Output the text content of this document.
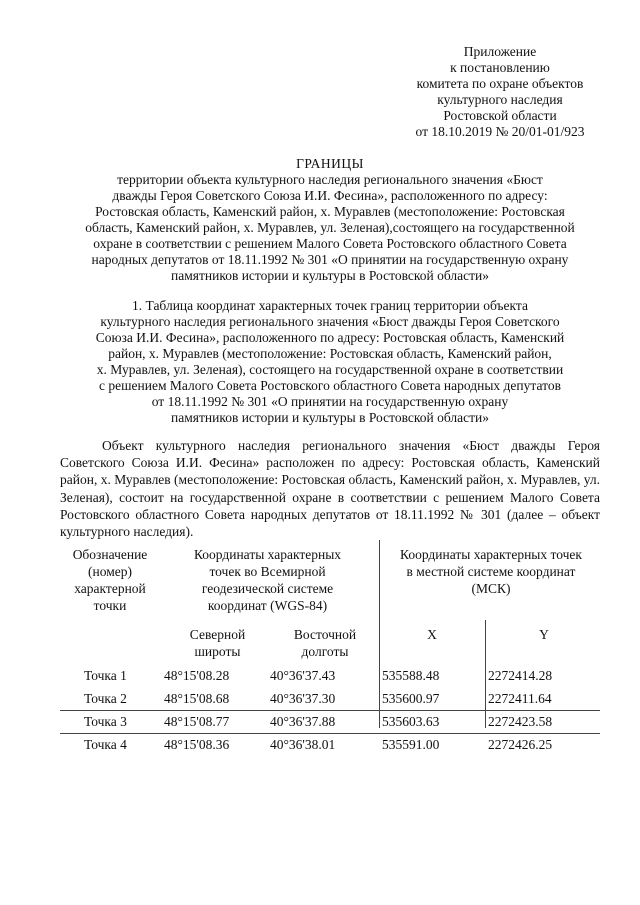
Приложение
к постановлению
комитета по охране объектов
культурного наследия
Ростовской области
от 18.10.2019 № 20/01-01/923
ГРАНИЦЫ
территории объекта культурного наследия регионального значения «Бюст
дважды Героя Советского Союза И.И. Фесина», расположенного по адресу:
Ростовская область, Каменский район, х. Муравлев (местоположение: Ростовская
область, Каменский район, х. Муравлев, ул. Зеленая),состоящего на государственной
охране в соответствии с решением Малого Совета Ростовского областного Совета
народных депутатов от 18.11.1992 № 301 «О принятии на государственную охрану
памятников истории и культуры в Ростовской области»
1. Таблица координат характерных точек границ территории объекта
культурного наследия регионального значения «Бюст дважды Героя Советского
Союза И.И. Фесина», расположенного по адресу: Ростовская область, Каменский
район, х. Муравлев (местоположение: Ростовская область, Каменский район,
х. Муравлев, ул. Зеленая), состоящего на государственной охране в соответствии
с решением Малого Совета Ростовского областного Совета народных депутатов
от 18.11.1992 № 301 «О принятии на государственную охрану
памятников истории и культуры в Ростовской области»
Объект культурного наследия регионального значения «Бюст дважды Героя Советского Союза И.И. Фесина» расположен по адресу: Ростовская область, Каменский район, х. Муравлев (местоположение: Ростовская область, Каменский район, х. Муравлев, ул. Зеленая), состоит на государственной охране в соответствии с решением Малого Совета Ростовского областного Совета народных депутатов от 18.11.1992 № 301 (далее – объект культурного наследия).
Обозначение
(номер)
характерной
точки
Координаты характерных
точек во Всемирной
геодезической системе
координат (WGS-84)
Координаты характерных точек
в местной системе координат
(МСК)
Северной
широты
Восточной
долготы
X	Y
Точка 1	48°15'08.28	40°36'37.43	535588.48	2272414.28
Точка 2	48°15'08.68	40°36'37.30	535600.97	2272411.64
Точка 3	48°15'08.77	40°36'37.88	535603.63	2272423.58
Точка 4	48°15'08.36	40°36'38.01	535591.00	2272426.25
